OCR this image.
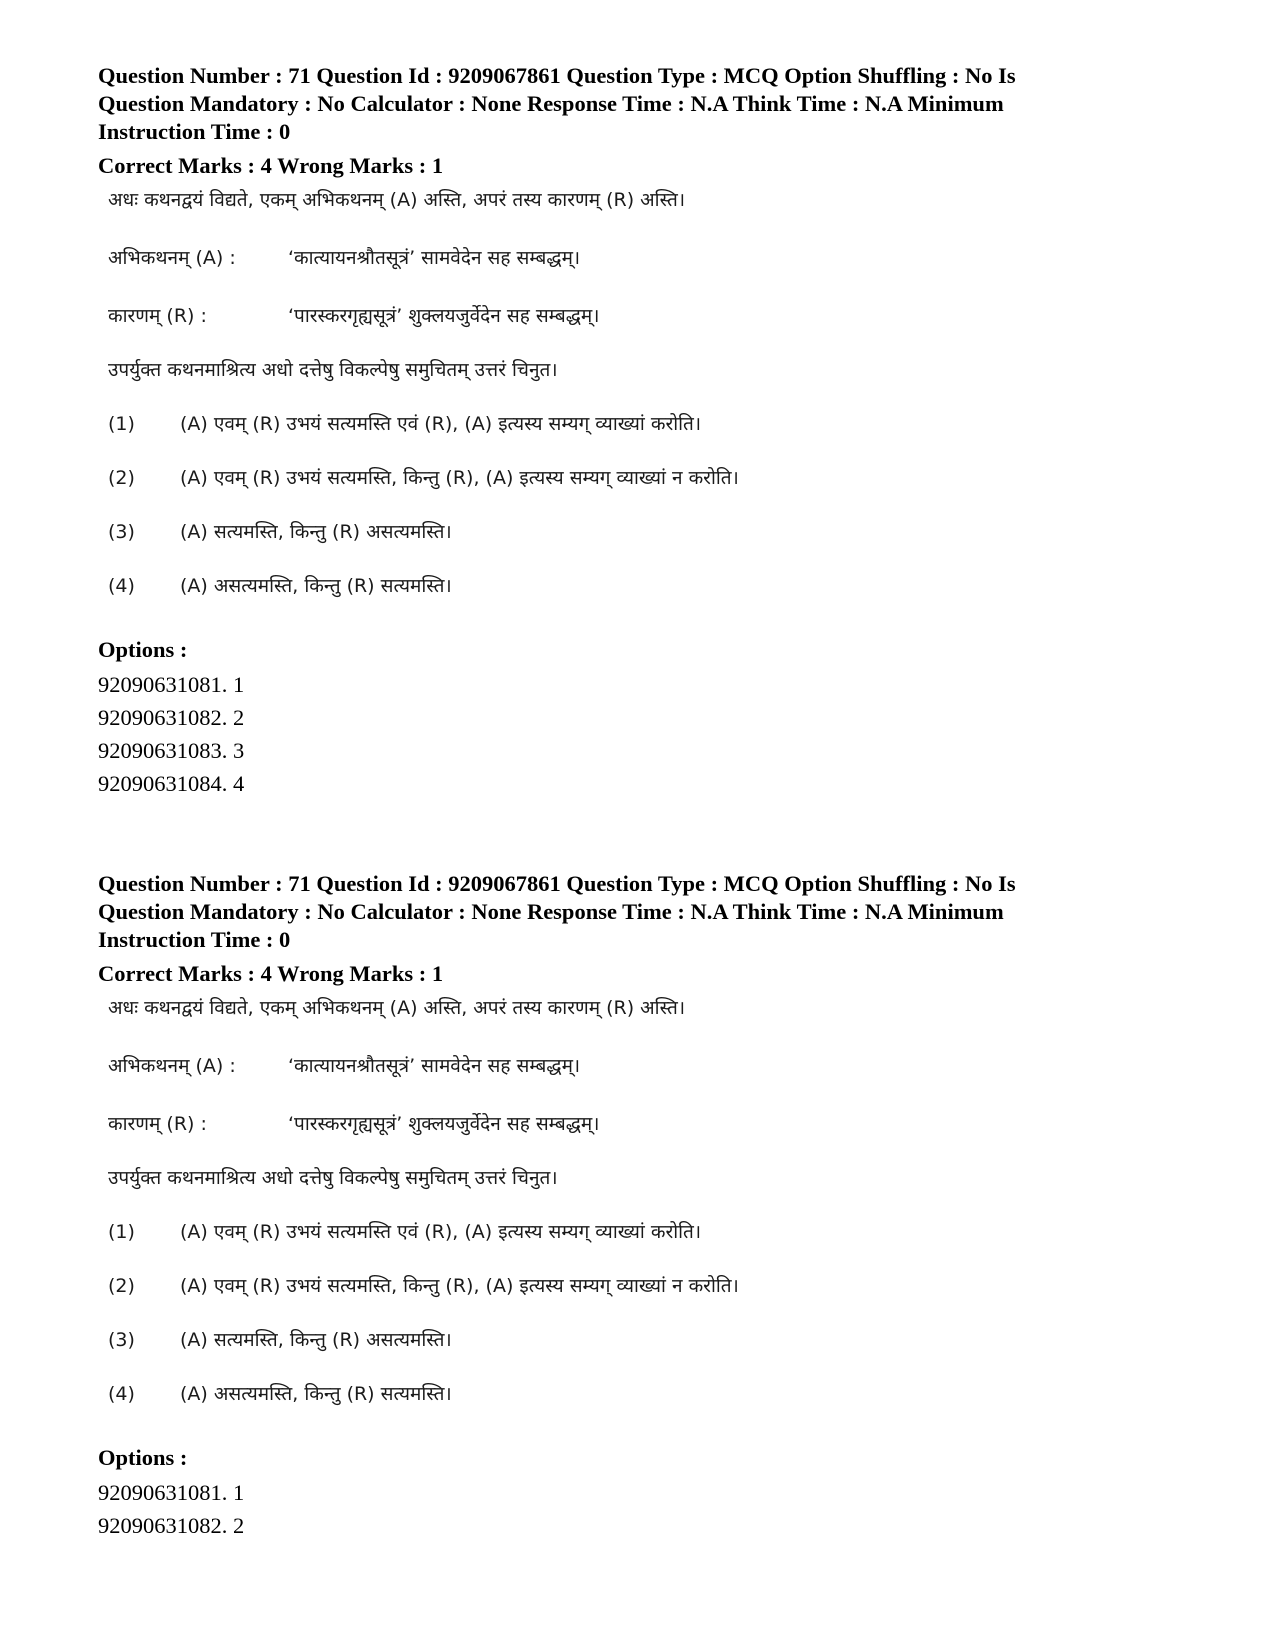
Question Number : 71 Question Id : 9209067861 Question Type : MCQ Option Shuffling : No Is
Question Mandatory : No Calculator : None Response Time : N.A Think Time : N.A Minimum
Instruction Time : 0

Correct Marks : 4 Wrong Marks : 1

अधः कथनद्वयं विद्यते, एकम् अभिकथनम् (A) अस्ति, अपरं तस्य कारणम् (R) अस्ति।
अभिकथनम् (A) :	‘कात्यायनश्रौतसूत्रं’ सामवेदेन सह सम्बद्धम्।
कारणम् (R) :	‘पारस्करगृह्यसूत्रं’ शुक्लयजुर्वेदेन सह सम्बद्धम्।
उपर्युक्त कथनमाश्रित्य अधो दत्तेषु विकल्पेषु समुचितम् उत्तरं चिनुत।
(1)	(A) एवम् (R) उभयं सत्यमस्ति एवं (R), (A) इत्यस्य सम्यग् व्याख्यां करोति।
(2)	(A) एवम् (R) उभयं सत्यमस्ति, किन्तु (R), (A) इत्यस्य सम्यग् व्याख्यां न करोति।
(3)	(A) सत्यमस्ति, किन्तु (R) असत्यमस्ति।
(4)	(A) असत्यमस्ति, किन्तु (R) सत्यमस्ति।

Options :

92090631081. 1
92090631082. 2
92090631083. 3
92090631084. 4

Question Number : 71 Question Id : 9209067861 Question Type : MCQ Option Shuffling : No Is
Question Mandatory : No Calculator : None Response Time : N.A Think Time : N.A Minimum
Instruction Time : 0

Correct Marks : 4 Wrong Marks : 1

अधः कथनद्वयं विद्यते, एकम् अभिकथनम् (A) अस्ति, अपरं तस्य कारणम् (R) अस्ति।
अभिकथनम् (A) :	‘कात्यायनश्रौतसूत्रं’ सामवेदेन सह सम्बद्धम्।
कारणम् (R) :	‘पारस्करगृह्यसूत्रं’ शुक्लयजुर्वेदेन सह सम्बद्धम्।
उपर्युक्त कथनमाश्रित्य अधो दत्तेषु विकल्पेषु समुचितम् उत्तरं चिनुत।
(1)	(A) एवम् (R) उभयं सत्यमस्ति एवं (R), (A) इत्यस्य सम्यग् व्याख्यां करोति।
(2)	(A) एवम् (R) उभयं सत्यमस्ति, किन्तु (R), (A) इत्यस्य सम्यग् व्याख्यां न करोति।
(3)	(A) सत्यमस्ति, किन्तु (R) असत्यमस्ति।
(4)	(A) असत्यमस्ति, किन्तु (R) सत्यमस्ति।

Options :

92090631081. 1
92090631082. 2
